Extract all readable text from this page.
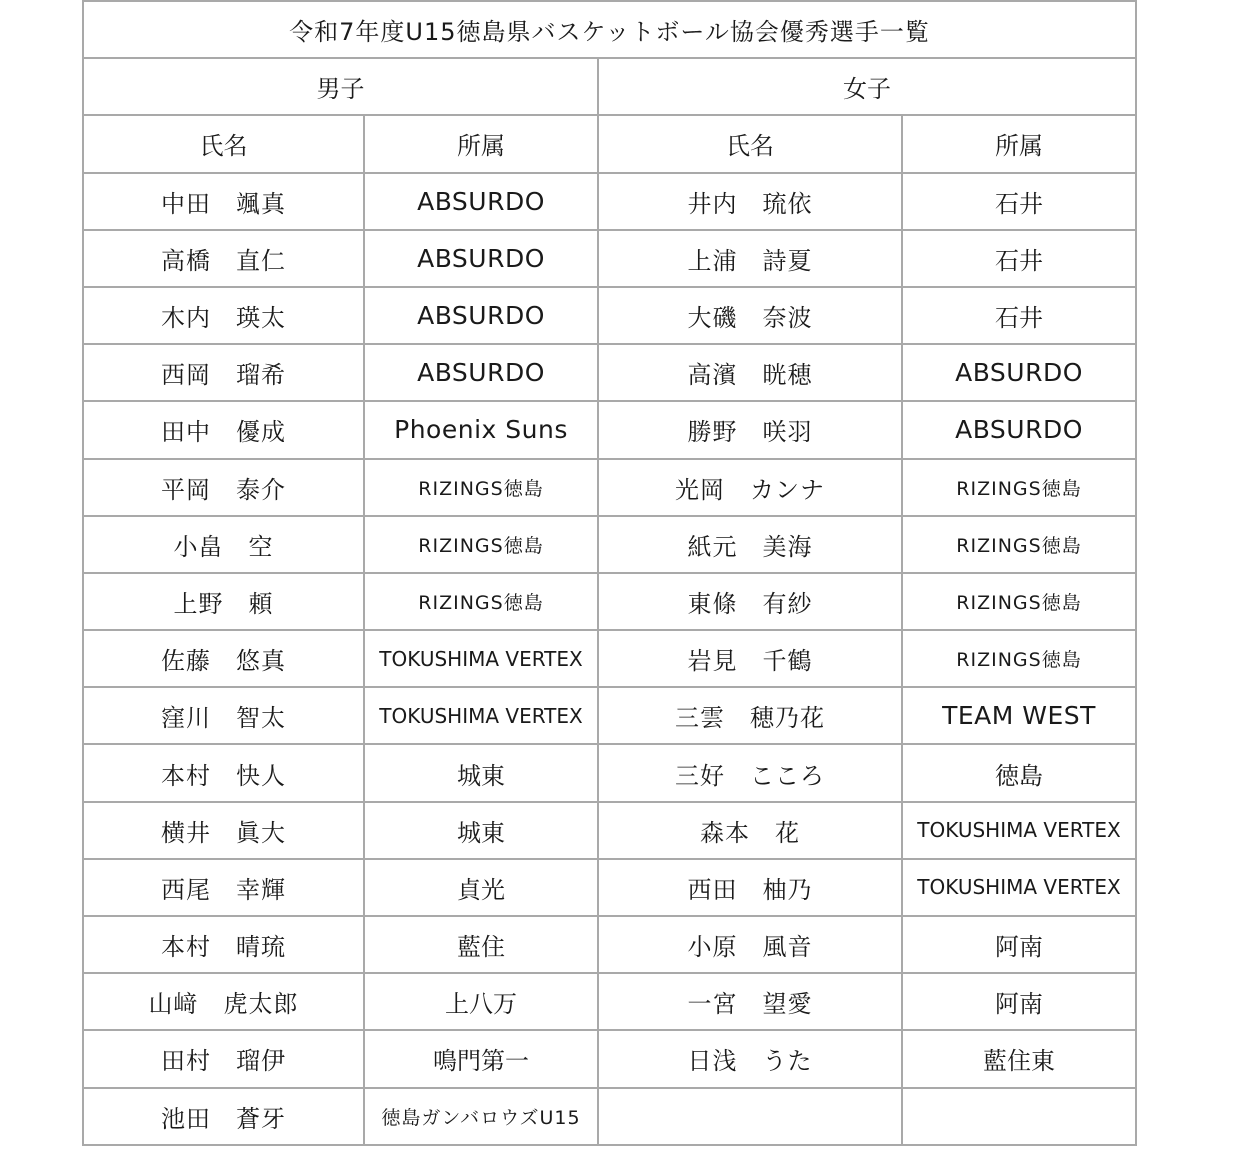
令和7年度U15徳島県バスケットボール協会優秀選手一覧			
男子		女子	
氏名	所属	氏名	所属
中田　颯真	ABSURDO	井内　琉依	石井
高橋　直仁	ABSURDO	上浦　詩夏	石井
木内　瑛太	ABSURDO	大磯　奈波	石井
西岡　瑠希	ABSURDO	高濱　晄穂	ABSURDO
田中　優成	Phoenix Suns	勝野　咲羽	ABSURDO
平岡　泰介	RIZINGS徳島	光岡　カンナ	RIZINGS徳島
小畠　空	RIZINGS徳島	紙元　美海	RIZINGS徳島
上野　頼	RIZINGS徳島	東條　有紗	RIZINGS徳島
佐藤　悠真	TOKUSHIMA VERTEX	岩見　千鶴	RIZINGS徳島
窪川　智太	TOKUSHIMA VERTEX	三雲　穂乃花	TEAM WEST
本村　快人	城東	三好　こころ	徳島
横井　眞大	城東	森本　花	TOKUSHIMA VERTEX
西尾　幸輝	貞光	西田　柚乃	TOKUSHIMA VERTEX
本村　晴琉	藍住	小原　風音	阿南
山﨑　虎太郎	上八万	一宮　望愛	阿南
田村　瑠伊	鳴門第一	日浅　うた	藍住東
池田　蒼牙	徳島ガンバロウズU15		
